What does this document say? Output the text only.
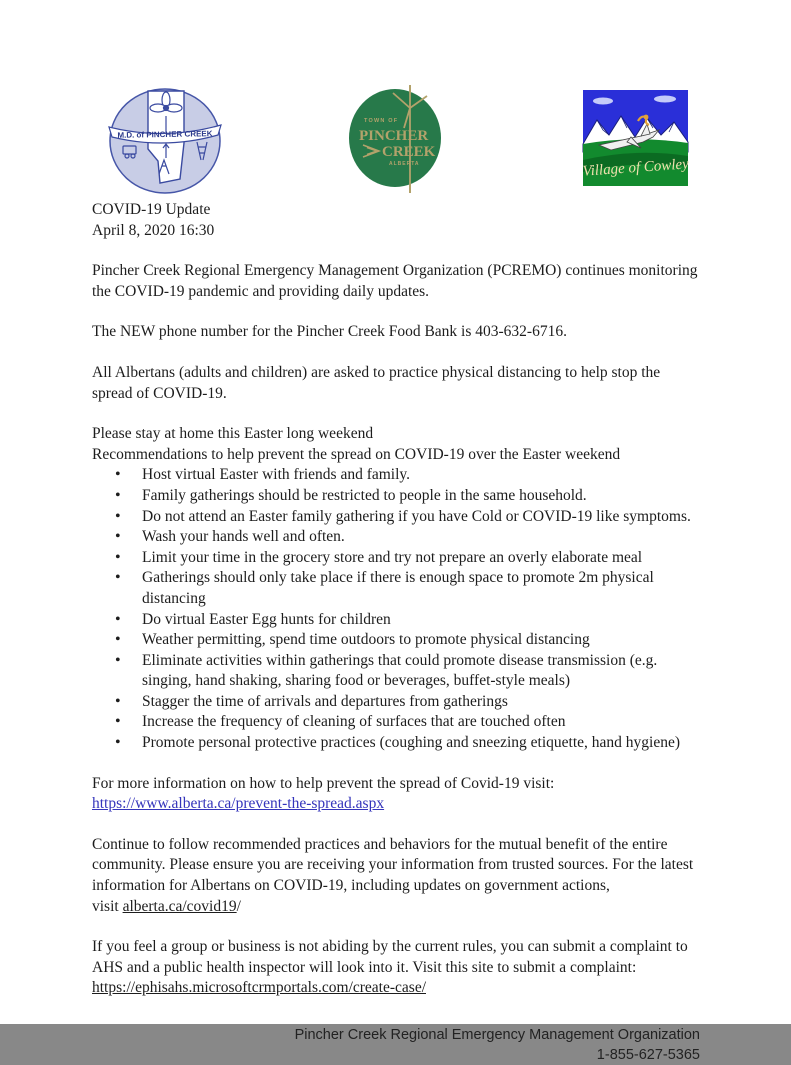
M.D. of PINCHER CREEK
TOWN OF
PINCHER
CREEK
ALBERTA	Village of Cowley
COVID-19 Update
April 8, 2020 16:30

Pincher Creek Regional Emergency Management Organization (PCREMO) continues monitoring the COVID-19 pandemic and providing daily updates.

The NEW phone number for the Pincher Creek Food Bank is 403-632-6716.

All Albertans (adults and children) are asked to practice physical distancing to help stop the spread of COVID-19.

Please stay at home this Easter long weekend
Recommendations to help prevent the spread on COVID-19 over the Easter weekend

• Host virtual Easter with friends and family.
• Family gatherings should be restricted to people in the same household.
• Do not attend an Easter family gathering if you have Cold or COVID-19 like symptoms.
• Wash your hands well and often.
• Limit your time in the grocery store and try not prepare an overly elaborate meal
• Gatherings should only take place if there is enough space to promote 2m physical distancing
• Do virtual Easter Egg hunts for children
• Weather permitting, spend time outdoors to promote physical distancing
• Eliminate activities within gatherings that could promote disease transmission (e.g. singing, hand shaking, sharing food or beverages, buffet-style meals)
• Stagger the time of arrivals and departures from gatherings
• Increase the frequency of cleaning of surfaces that are touched often
• Promote personal protective practices (coughing and sneezing etiquette, hand hygiene)

For more information on how to help prevent the spread of Covid-19 visit:
https://www.alberta.ca/prevent-the-spread.aspx

Continue to follow recommended practices and behaviors for the mutual benefit of the entire community. Please ensure you are receiving your information from trusted sources. For the latest information for Albertans on COVID-19, including updates on government actions,
visit alberta.ca/covid19/

If you feel a group or business is not abiding by the current rules, you can submit a complaint to AHS and a public health inspector will look into it. Visit this site to submit a complaint:
https://ephisahs.microsoftcrmportals.com/create-case/

Pincher Creek Regional Emergency Management Organization
1-855-627-5365
